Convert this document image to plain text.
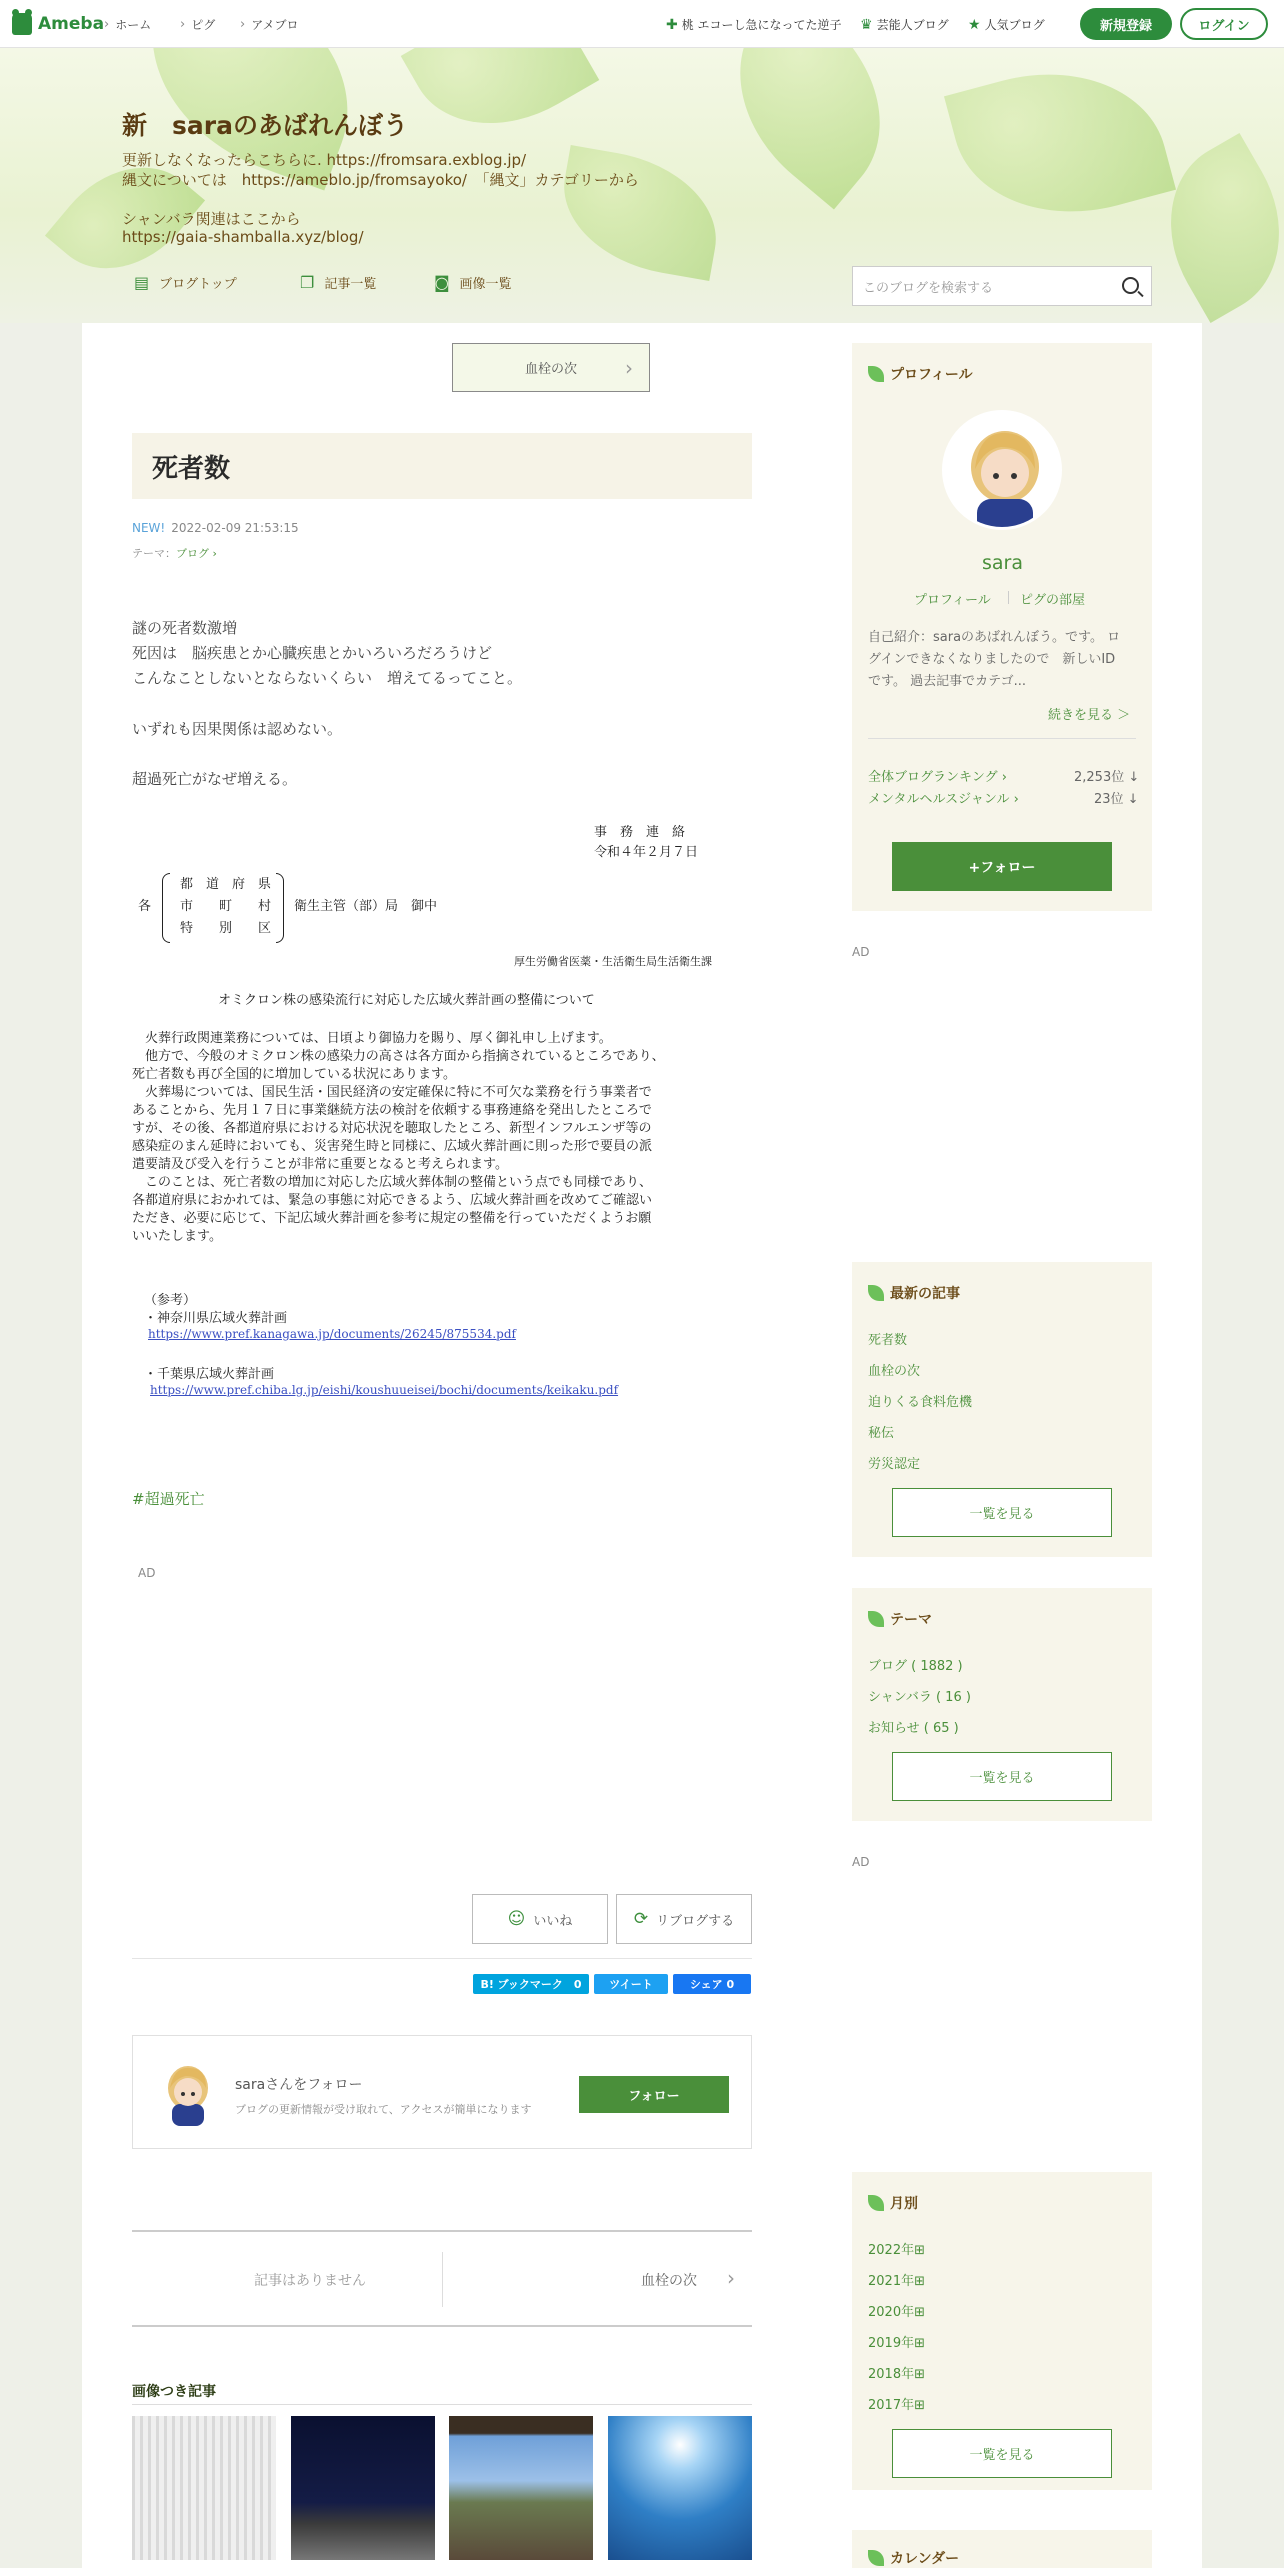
Ameba › ホーム › ピグ › アメブロ	✚ 桃 エコーし急になってた逆子 ♛ 芸能人ブログ ★ 人気ブログ	新規登録	ログイン
新　saraのあばれんぼう
更新しなくなったらこちらに. https://fromsara.exblog.jp/
縄文については　https://ameblo.jp/fromsayoko/　「縄文」カテゴリーから
シャンバラ関連はここから
https://gaia-shamballa.xyz/blog/
▤ ブログトップ	❐ 記事一覧	◙ 画像一覧	このブログを検索する
血栓の次 ›
死者数
NEW! 2022-02-09 21:53:15
テーマ：ブログ ›
謎の死者数激増
死因は　脳疾患とか心臓疾患とかいろいろだろうけど
こんなことしないとならないくらい　増えてるってこと。
いずれも因果関係は認めない。
超過死亡がなぜ増える。
事　務　連　絡
令和４年２月７日
各
都　道　府　県
市　　町　　村
特　　別　　区
衛生主管（部）局　御中
厚生労働省医薬・生活衛生局生活衛生課
オミクロン株の感染流行に対応した広域火葬計画の整備について
　火葬行政関連業務については、日頃より御協力を賜り、厚く御礼申し上げます。
　他方で、今般のオミクロン株の感染力の高さは各方面から指摘されているところであり、
死亡者数も再び全国的に増加している状況にあります。
　火葬場については、国民生活・国民経済の安定確保に特に不可欠な業務を行う事業者で
あることから、先月１７日に事業継続方法の検討を依頼する事務連絡を発出したところで
すが、その後、各都道府県における対応状況を聴取したところ、新型インフルエンザ等の
感染症のまん延時においても、災害発生時と同様に、広域火葬計画に則った形で要員の派
遣要請及び受入を行うことが非常に重要となると考えられます。
　このことは、死亡者数の増加に対応した広域火葬体制の整備という点でも同様であり、
各都道府県におかれては、緊急の事態に対応できるよう、広域火葬計画を改めてご確認い
ただき、必要に応じて、下記広域火葬計画を参考に規定の整備を行っていただくようお願
いいたします。
（参考）
・神奈川県広域火葬計画
https://www.pref.kanagawa.jp/documents/26245/875534.pdf
・千葉県広域火葬計画
https://www.pref.chiba.lg.jp/eishi/koushuueisei/bochi/documents/keikaku.pdf
#超過死亡
AD
☺ いいね	⟳ リブログする
B! ブックマーク　0	ツイート	シェア 0
saraさんをフォロー
ブログの更新情報が受け取れて、アクセスが簡単になります
フォロー
記事はありません	血栓の次 ›
画像つき記事
プロフィール
sara
プロフィール ピグの部屋
自己紹介：saraのあばれんぼう。です。 ロ
グインできなくなりましたので　新しいID
です。 過去記事でカテゴ...
続きを見る ＞
全体ブログランキング ›	2,253位 ↓
メンタルヘルスジャンル ›	23位 ↓
+フォロー
AD
最新の記事
死者数
血栓の次
迫りくる食料危機
秘伝
労災認定
一覧を見る
テーマ
ブログ ( 1882 )
シャンバラ ( 16 )
お知らせ ( 65 )
一覧を見る
AD
月別
2022年⊞
2021年⊞
2020年⊞
2019年⊞
2018年⊞
2017年⊞
一覧を見る
カレンダー
